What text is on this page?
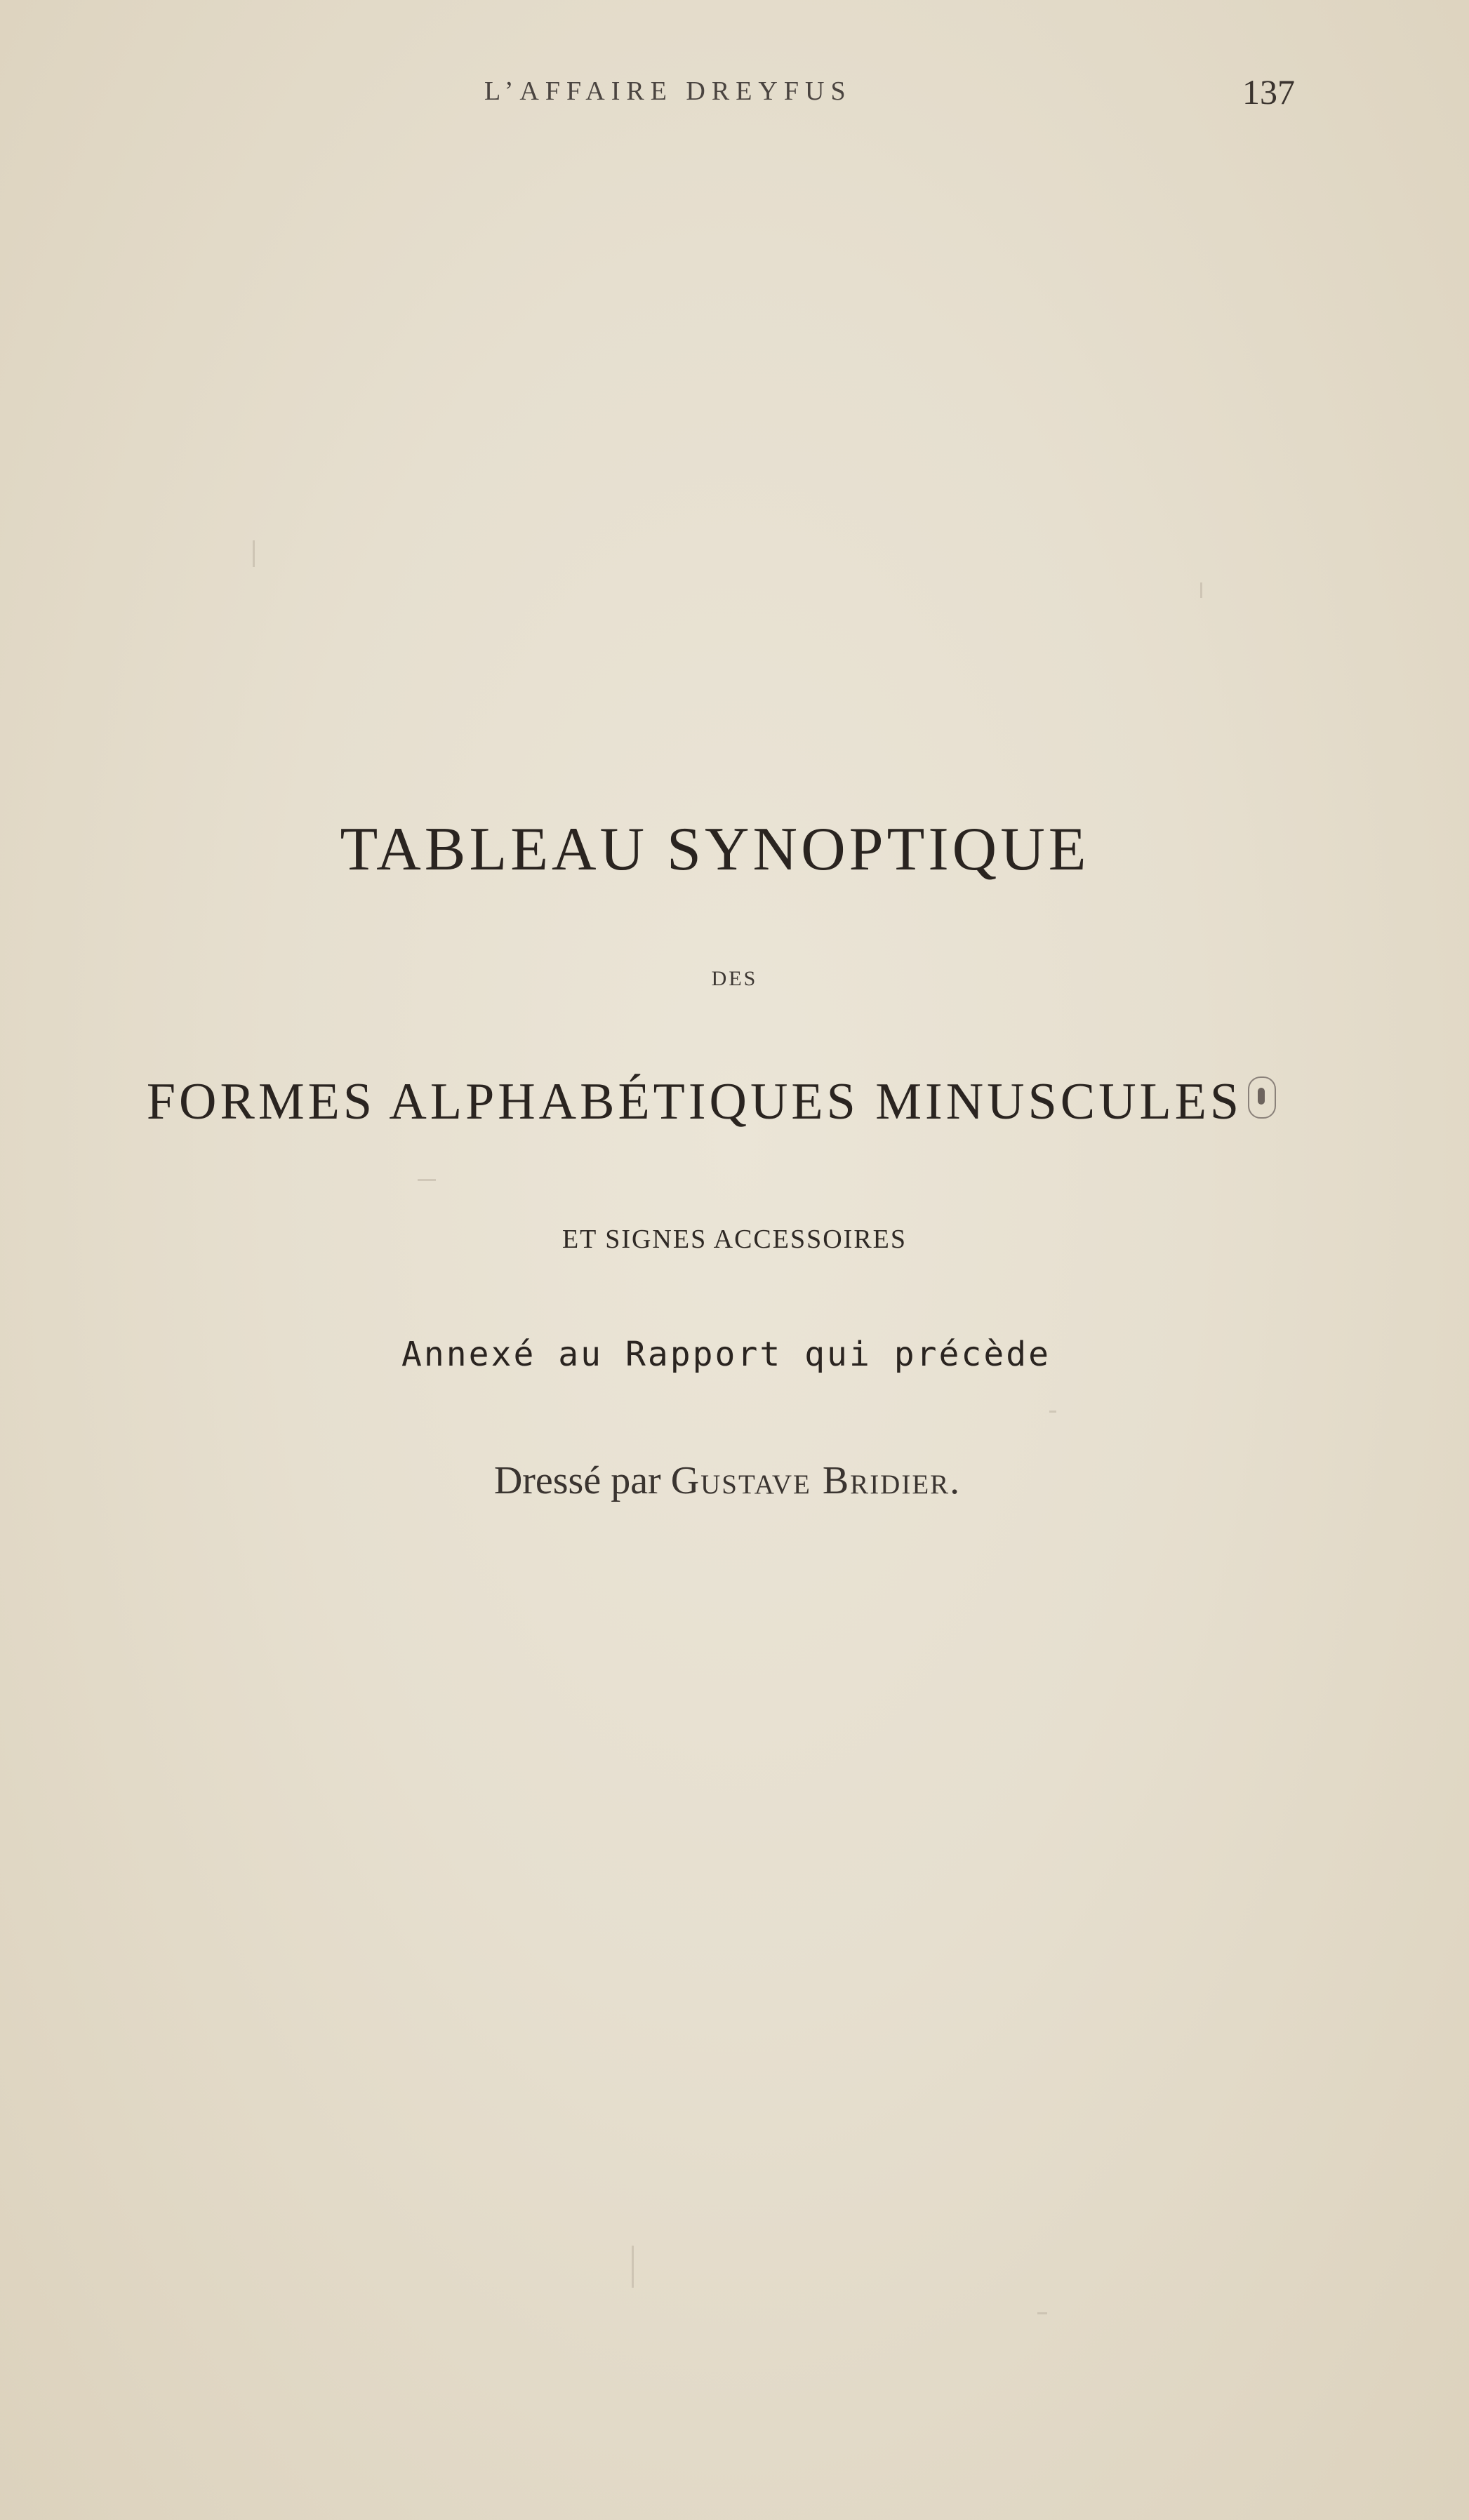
L’AFFAIRE DREYFUS	137
TABLEAU SYNOPTIQUE
DES
FORMES ALPHABÉTIQUES MINUSCULES
ET SIGNES ACCESSOIRES
Annexé au Rapport qui précède
Dressé par Gustave Bridier.
